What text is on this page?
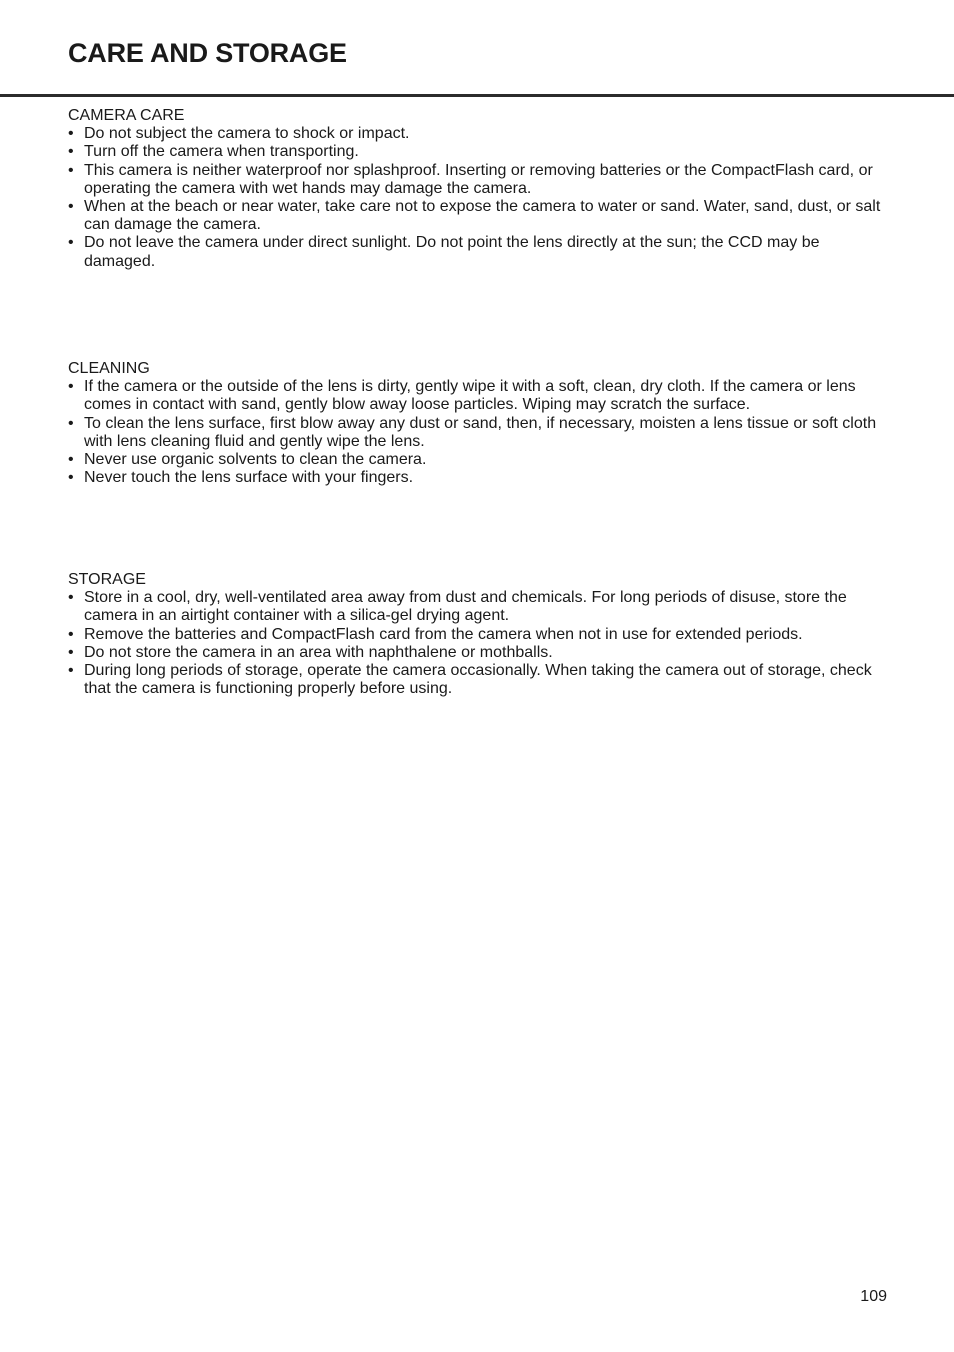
CARE AND STORAGE
CAMERA CARE
• Do not subject the camera to shock or impact.
• Turn off the camera when transporting.
• This camera is neither waterproof nor splashproof. Inserting or removing batteries or the CompactFlash card, or operating the camera with wet hands may damage the camera.
• When at the beach or near water, take care not to expose the camera to water or sand. Water, sand, dust, or salt can damage the camera.
• Do not leave the camera under direct sunlight. Do not point the lens directly at the sun; the CCD may be damaged.
CLEANING
• If the camera or the outside of the lens is dirty, gently wipe it with a soft, clean, dry cloth. If the camera or lens comes in contact with sand, gently blow away loose particles. Wiping may scratch the surface.
• To clean the lens surface, first blow away any dust or sand, then, if necessary, moisten a lens tissue or soft cloth with lens cleaning fluid and gently wipe the lens.
• Never use organic solvents to clean the camera.
• Never touch the lens surface with your fingers.
STORAGE
• Store in a cool, dry, well-ventilated area away from dust and chemicals. For long periods of disuse, store the camera in an airtight container with a silica-gel drying agent.
• Remove the batteries and CompactFlash card from the camera when not in use for extended periods.
• Do not store the camera in an area with naphthalene or mothballs.
• During long periods of storage, operate the camera occasionally. When taking the camera out of storage, check that the camera is functioning properly before using.
109
